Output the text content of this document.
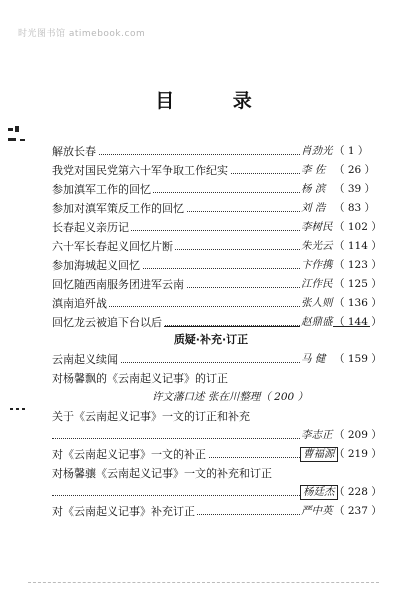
时光图书馆 atimebook.com
目 录
解放长春	肖劲光 （ 1 ）
我党对国民党第六十军争取工作纪实	李 佐 （ 26 ）
参加滇军工作的回忆	杨 滨 （ 39 ）
参加对滇军策反工作的回忆	刘 浩 （ 83 ）
长春起义亲历记	李树民 （ 102 ）
六十军长春起义回忆片断	朱光云 （ 114 ）
参加海城起义回忆	卞作携 （ 123 ）
回忆随西南服务团进军云南	江作民 （ 125 ）
滇南追歼战	张人则 （ 136 ）
回忆龙云被追下台以后	赵鼎盛 （ 144 ）
质疑·补充·订正
云南起义续闻	马 健 （ 159 ）
对杨馨飘的《云南起义记事》的订正
许文藩口述 张在川整理（ 200 ）
关于《云南起义记事》一文的订正和补充
李志正 （ 209 ）
对《云南起义记事》一文的补正	曹福源 （ 219 ）
对杨馨骧《云南起义记事》一文的补充和订正
杨廷杰 （ 228 ）
对《云南起义记事》补充订正	严中英 （ 237 ）
